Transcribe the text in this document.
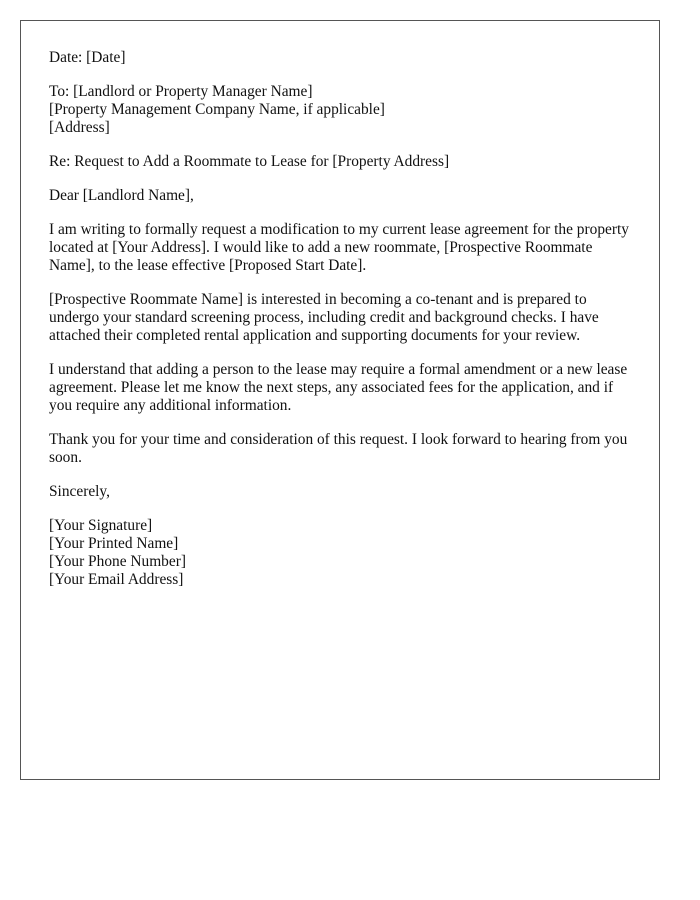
Date: [Date]

To: [Landlord or Property Manager Name]
[Property Management Company Name, if applicable]
[Address]

Re: Request to Add a Roommate to Lease for [Property Address]

Dear [Landlord Name],

I am writing to formally request a modification to my current lease agreement for the property located at [Your Address]. I would like to add a new roommate, [Prospective Roommate Name], to the lease effective [Proposed Start Date].

[Prospective Roommate Name] is interested in becoming a co-tenant and is prepared to undergo your standard screening process, including credit and background checks. I have attached their completed rental application and supporting documents for your review.

I understand that adding a person to the lease may require a formal amendment or a new lease agreement. Please let me know the next steps, any associated fees for the application, and if you require any additional information.

Thank you for your time and consideration of this request. I look forward to hearing from you soon.

Sincerely,

[Your Signature]
[Your Printed Name]
[Your Phone Number]
[Your Email Address]
